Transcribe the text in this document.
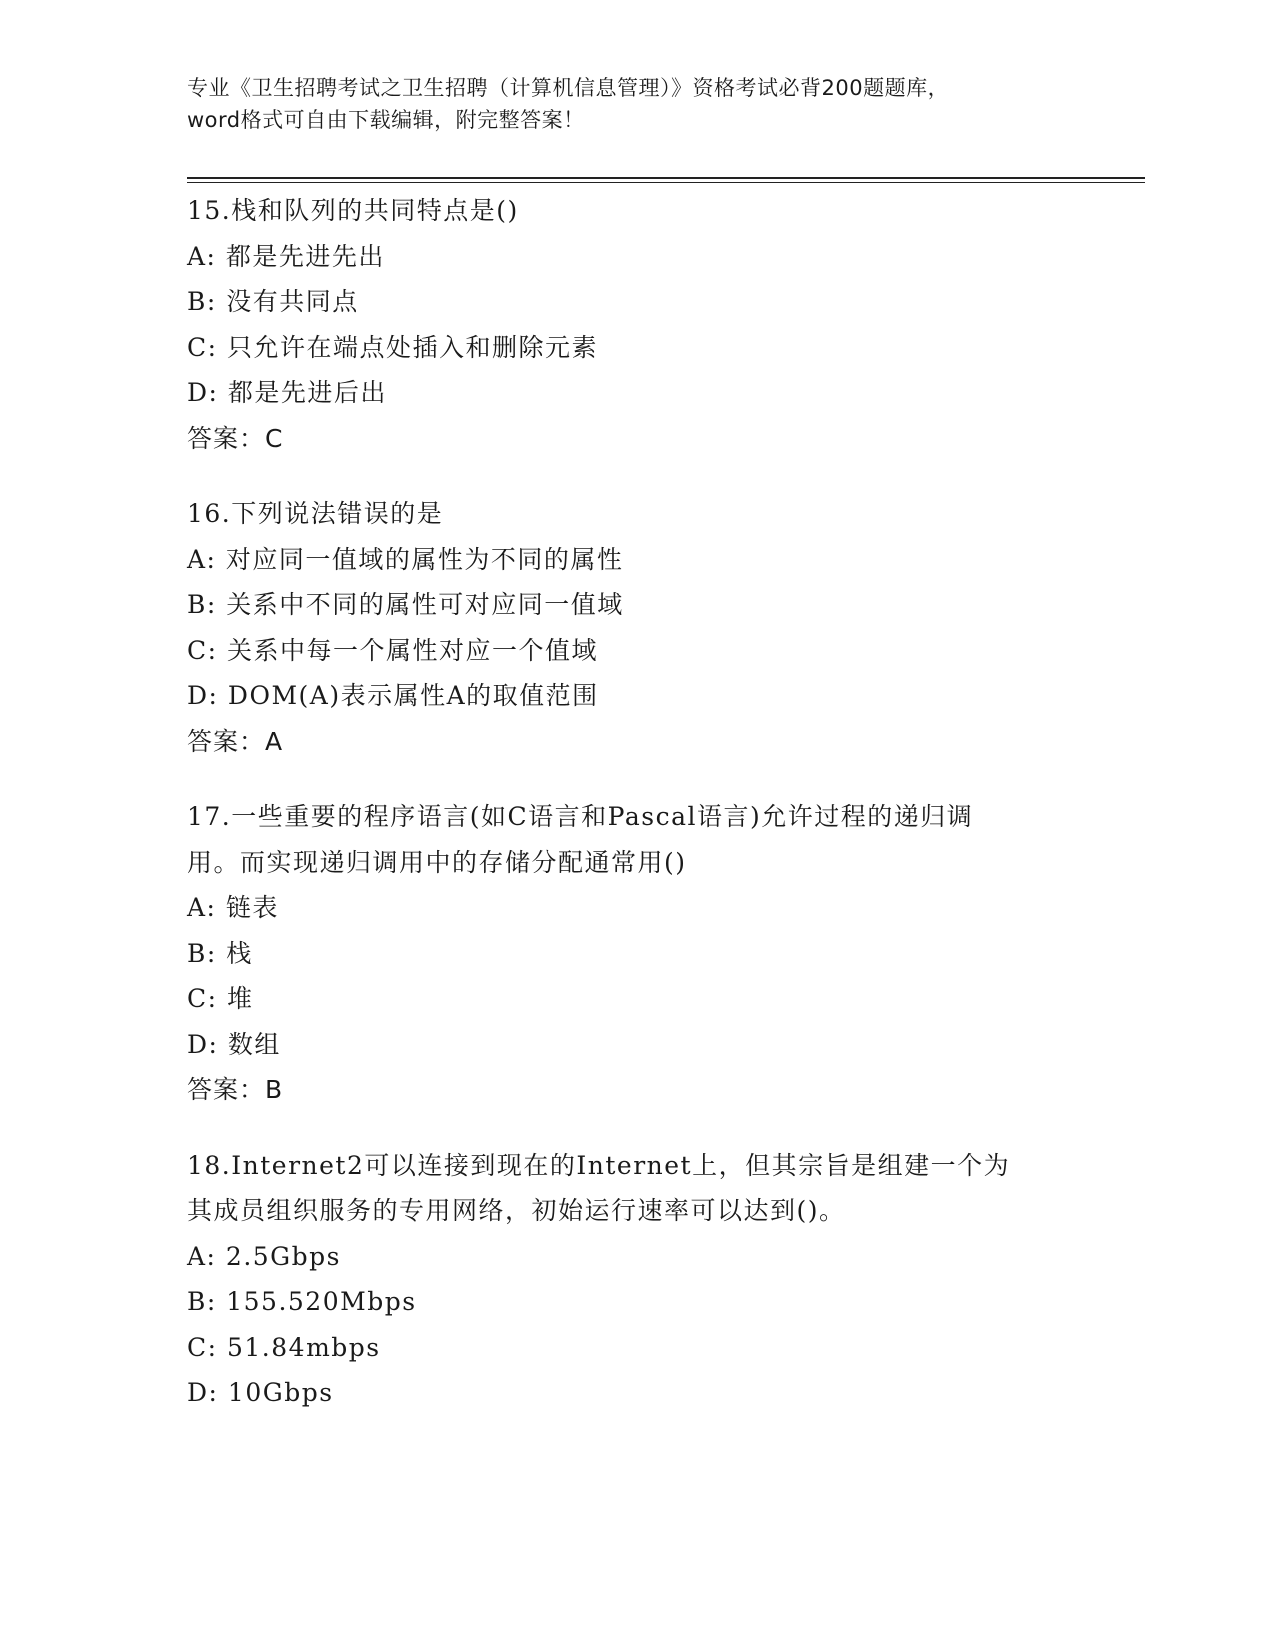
专业《卫生招聘考试之卫生招聘（计算机信息管理）》资格考试必背200题题库，
word格式可自由下载编辑，附完整答案！
15.栈和队列的共同特点是()
A: 都是先进先出
B: 没有共同点
C: 只允许在端点处插入和删除元素
D: 都是先进后出
答案：C
16.下列说法错误的是
A: 对应同一值域的属性为不同的属性
B: 关系中不同的属性可对应同一值域
C: 关系中每一个属性对应一个值域
D: DOM(A)表示属性A的取值范围
答案：A
17.一些重要的程序语言(如C语言和Pascal语言)允许过程的递归调
用。而实现递归调用中的存储分配通常用()
A: 链表
B: 栈
C: 堆
D: 数组
答案：B
18.Internet2可以连接到现在的Internet上，但其宗旨是组建一个为
其成员组织服务的专用网络，初始运行速率可以达到()。
A: 2.5Gbps
B: 155.520Mbps
C: 51.84mbps
D: 10Gbps
